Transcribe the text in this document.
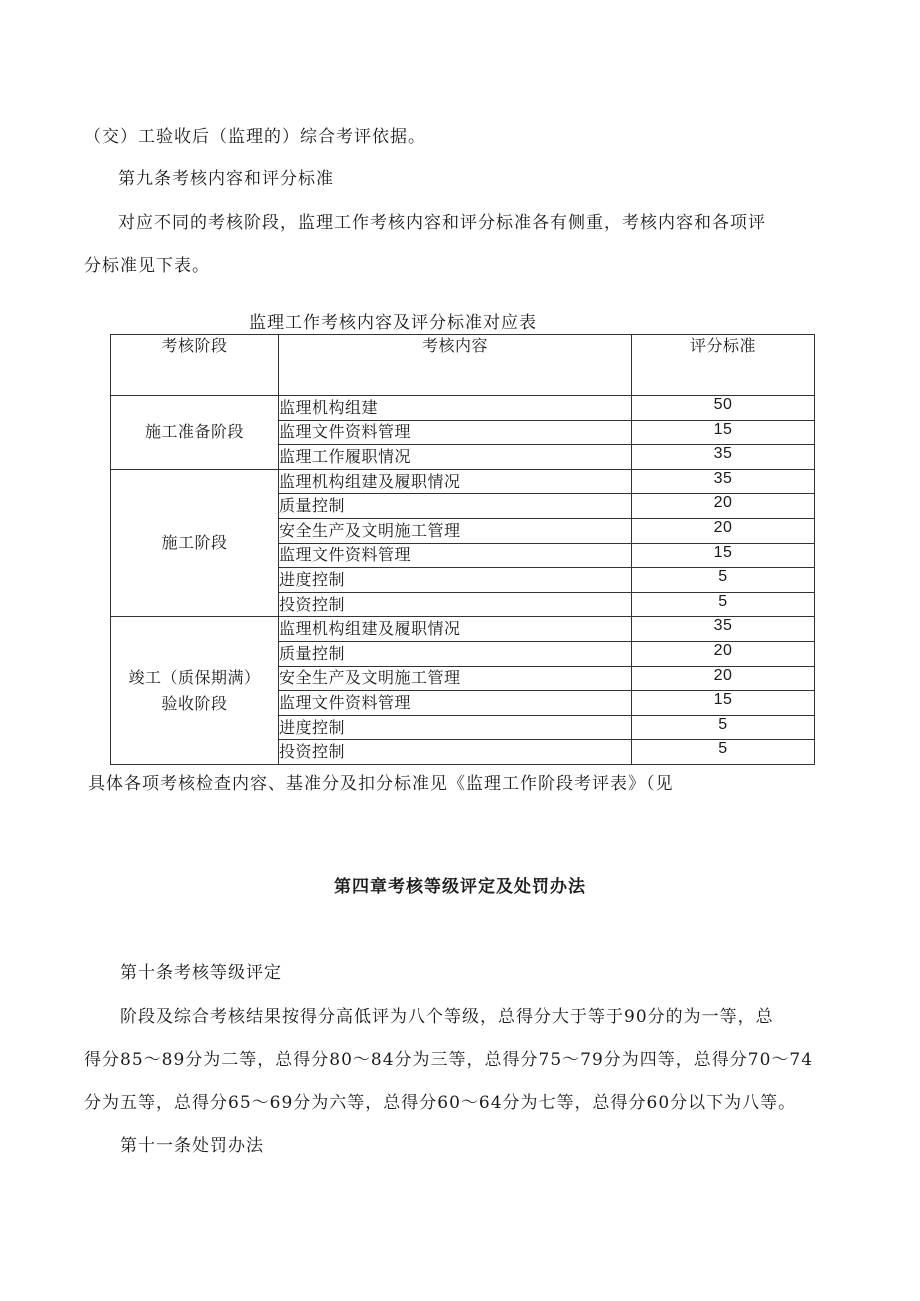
（交）工验收后（监理的）综合考评依据。
第九条考核内容和评分标准
对应不同的考核阶段，监理工作考核内容和评分标准各有侧重，考核内容和各项评
分标准见下表。
监理工作考核内容及评分标准对应表
考核阶段	考核内容	评分标准
施工准备阶段	监理机构组建	50
	监理文件资料管理	15
	监理工作履职情况	35
施工阶段	监理机构组建及履职情况	35
	质量控制	20
	安全生产及文明施工管理	20
	监理文件资料管理	15
	进度控制	5
	投资控制	5

竣工（质保期满）
验收阶段	监理机构组建及履职情况	35
	质量控制	20
	安全生产及文明施工管理	20
	监理文件资料管理	15
	进度控制	5
	投资控制	5
具体各项考核检查内容、基准分及扣分标准见《监理工作阶段考评表》（见
第四章考核等级评定及处罚办法
第十条考核等级评定
阶段及综合考核结果按得分高低评为八个等级，总得分大于等于90分的为一等，总
得分85～89分为二等，总得分80～84分为三等，总得分75～79分为四等，总得分70～74
分为五等，总得分65～69分为六等，总得分60～64分为七等，总得分60分以下为八等。
第十一条处罚办法
